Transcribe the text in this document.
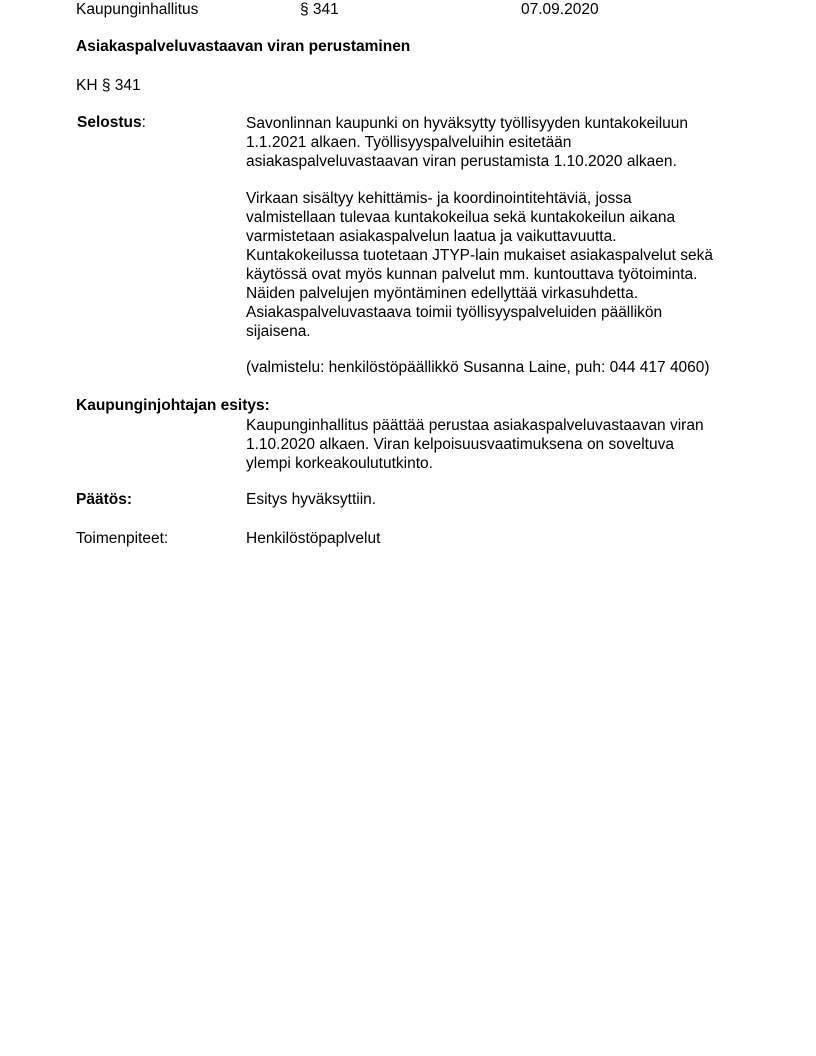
Kaupunginhallitus	§ 341	07.09.2020
Asiakaspalveluvastaavan viran perustaminen
KH § 341
Selostus:	Savonlinnan kaupunki on hyväksytty työllisyyden kuntakokeiluun
1.1.2021 alkaen. Työllisyyspalveluihin esitetään
asiakaspalveluvastaavan viran perustamista 1.10.2020 alkaen.
Virkaan sisältyy kehittämis- ja koordinointitehtäviä, jossa
valmistellaan tulevaa kuntakokeilua sekä kuntakokeilun aikana
varmistetaan asiakaspalvelun laatua ja vaikuttavuutta.
Kuntakokeilussa tuotetaan JTYP-lain mukaiset asiakaspalvelut sekä
käytössä ovat myös kunnan palvelut mm. kuntouttava työtoiminta.
Näiden palvelujen myöntäminen edellyttää virkasuhdetta.
Asiakaspalveluvastaava toimii työllisyyspalveluiden päällikön
sijaisena.
(valmistelu: henkilöstöpäällikkö Susanna Laine, puh: 044 417 4060)
Kaupunginjohtajan esitys:
Kaupunginhallitus päättää perustaa asiakaspalveluvastaavan viran
1.10.2020 alkaen. Viran kelpoisuusvaatimuksena on soveltuva
ylempi korkeakoulututkinto.
Päätös:	Esitys hyväksyttiin.
Toimenpiteet:	Henkilöstöpaplvelut
